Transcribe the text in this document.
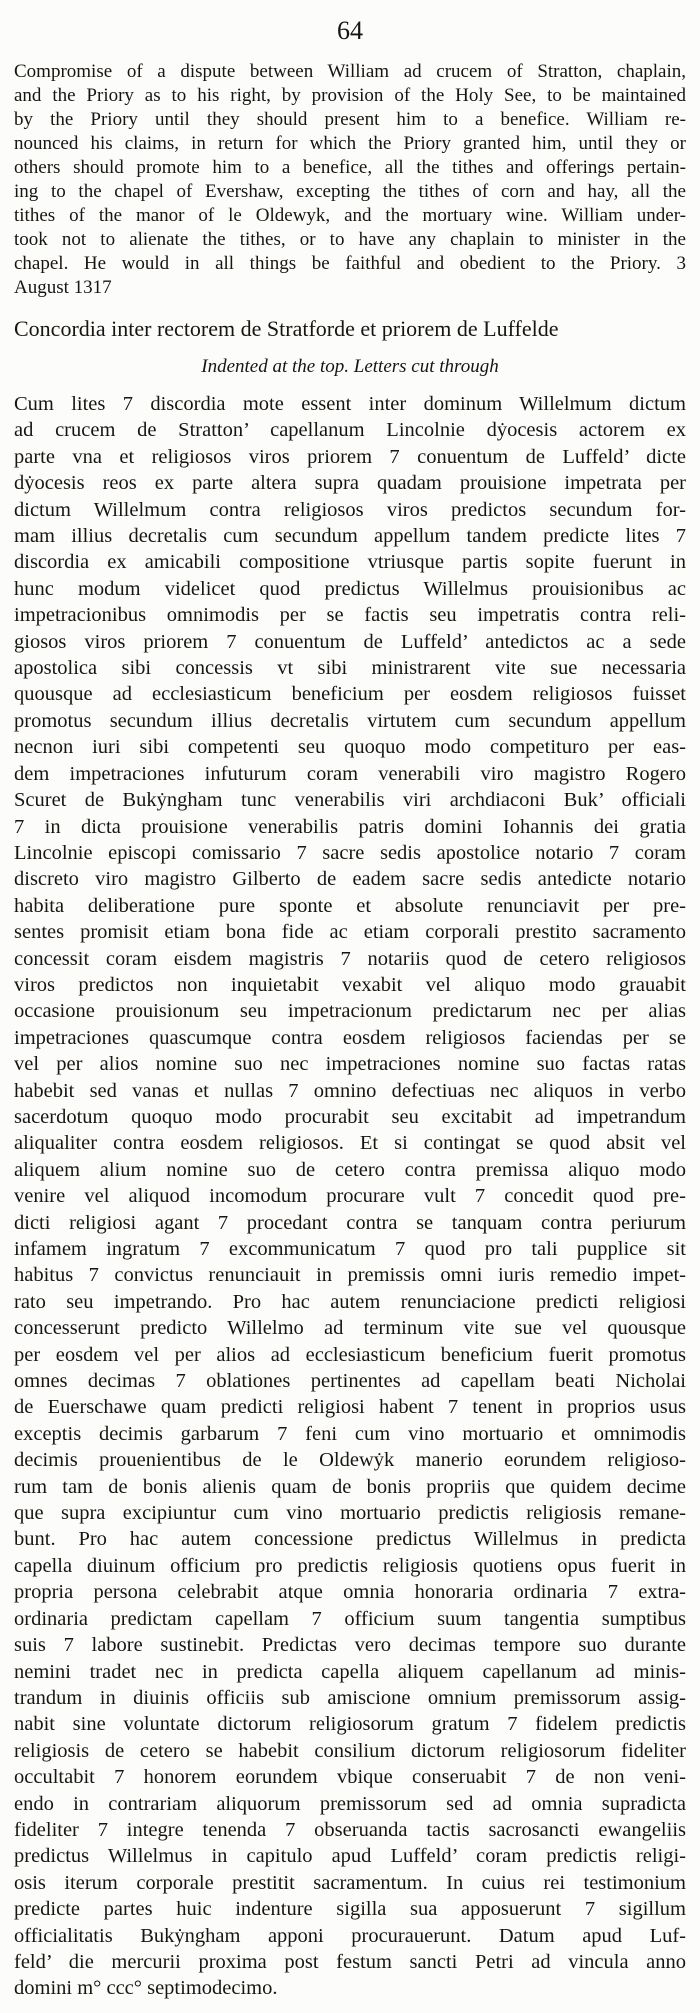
64
Compromise of a dispute between William ad crucem of Stratton, chaplain,
and the Priory as to his right, by provision of the Holy See, to be maintained
by the Priory until they should present him to a benefice. William re-
nounced his claims, in return for which the Priory granted him, until they or
others should promote him to a benefice, all the tithes and offerings pertain-
ing to the chapel of Evershaw, excepting the tithes of corn and hay, all the
tithes of the manor of le Oldewyk, and the mortuary wine. William under-
took not to alienate the tithes, or to have any chaplain to minister in the
chapel. He would in all things be faithful and obedient to the Priory. 3
August 1317
Concordia inter rectorem de Stratforde et priorem de Luffelde
Indented at the top. Letters cut through
Cum lites 7 discordia mote essent inter dominum Willelmum dictum
ad crucem de Stratton’ capellanum Lincolnie dẏocesis actorem ex
parte vna et religiosos viros priorem 7 conuentum de Luffeld’ dicte
dẏocesis reos ex parte altera supra quadam prouisione impetrata per
dictum Willelmum contra religiosos viros predictos secundum for-
mam illius decretalis cum secundum appellum tandem predicte lites 7
discordia ex amicabili compositione vtriusque partis sopite fuerunt in
hunc modum videlicet quod predictus Willelmus prouisionibus ac
impetracionibus omnimodis per se factis seu impetratis contra reli-
giosos viros priorem 7 conuentum de Luffeld’ antedictos ac a sede
apostolica sibi concessis vt sibi ministrarent vite sue necessaria
quousque ad ecclesiasticum beneficium per eosdem religiosos fuisset
promotus secundum illius decretalis virtutem cum secundum appellum
necnon iuri sibi competenti seu quoquo modo competituro per eas-
dem impetraciones infuturum coram venerabili viro magistro Rogero
Scuret de Bukẏngham tunc venerabilis viri archdiaconi Buk’ officiali
7 in dicta prouisione venerabilis patris domini Iohannis dei gratia
Lincolnie episcopi comissario 7 sacre sedis apostolice notario 7 coram
discreto viro magistro Gilberto de eadem sacre sedis antedicte notario
habita deliberatione pure sponte et absolute renunciavit per pre-
sentes promisit etiam bona fide ac etiam corporali prestito sacramento
concessit coram eisdem magistris 7 notariis quod de cetero religiosos
viros predictos non inquietabit vexabit vel aliquo modo grauabit
occasione prouisionum seu impetracionum predictarum nec per alias
impetraciones quascumque contra eosdem religiosos faciendas per se
vel per alios nomine suo nec impetraciones nomine suo factas ratas
habebit sed vanas et nullas 7 omnino defectiuas nec aliquos in verbo
sacerdotum quoquo modo procurabit seu excitabit ad impetrandum
aliqualiter contra eosdem religiosos. Et si contingat se quod absit vel
aliquem alium nomine suo de cetero contra premissa aliquo modo
venire vel aliquod incomodum procurare vult 7 concedit quod pre-
dicti religiosi agant 7 procedant contra se tanquam contra periurum
infamem ingratum 7 excommunicatum 7 quod pro tali pupplice sit
habitus 7 convictus renunciauit in premissis omni iuris remedio impet-
rato seu impetrando. Pro hac autem renunciacione predicti religiosi
concesserunt predicto Willelmo ad terminum vite sue vel quousque
per eosdem vel per alios ad ecclesiasticum beneficium fuerit promotus
omnes decimas 7 oblationes pertinentes ad capellam beati Nicholai
de Euerschawe quam predicti religiosi habent 7 tenent in proprios usus
exceptis decimis garbarum 7 feni cum vino mortuario et omnimodis
decimis prouenientibus de le Oldewẏk manerio eorundem religioso-
rum tam de bonis alienis quam de bonis propriis que quidem decime
que supra excipiuntur cum vino mortuario predictis religiosis remane-
bunt. Pro hac autem concessione predictus Willelmus in predicta
capella diuinum officium pro predictis religiosis quotiens opus fuerit in
propria persona celebrabit atque omnia honoraria ordinaria 7 extra-
ordinaria predictam capellam 7 officium suum tangentia sumptibus
suis 7 labore sustinebit. Predictas vero decimas tempore suo durante
nemini tradet nec in predicta capella aliquem capellanum ad minis-
trandum in diuinis officiis sub amiscione omnium premissorum assig-
nabit sine voluntate dictorum religiosorum gratum 7 fidelem predictis
religiosis de cetero se habebit consilium dictorum religiosorum fideliter
occultabit 7 honorem eorundem vbique conseruabit 7 de non veni-
endo in contrariam aliquorum premissorum sed ad omnia supradicta
fideliter 7 integre tenenda 7 obseruanda tactis sacrosancti ewangeliis
predictus Willelmus in capitulo apud Luffeld’ coram predictis religi-
osis iterum corporale prestitit sacramentum. In cuius rei testimonium
predicte partes huic indenture sigilla sua apposuerunt 7 sigillum
officialitatis Bukẏngham apponi procurauerunt. Datum apud Luf-
feld’ die mercurii proxima post festum sancti Petri ad vincula anno
domini m° ccc° septimodecimo.
